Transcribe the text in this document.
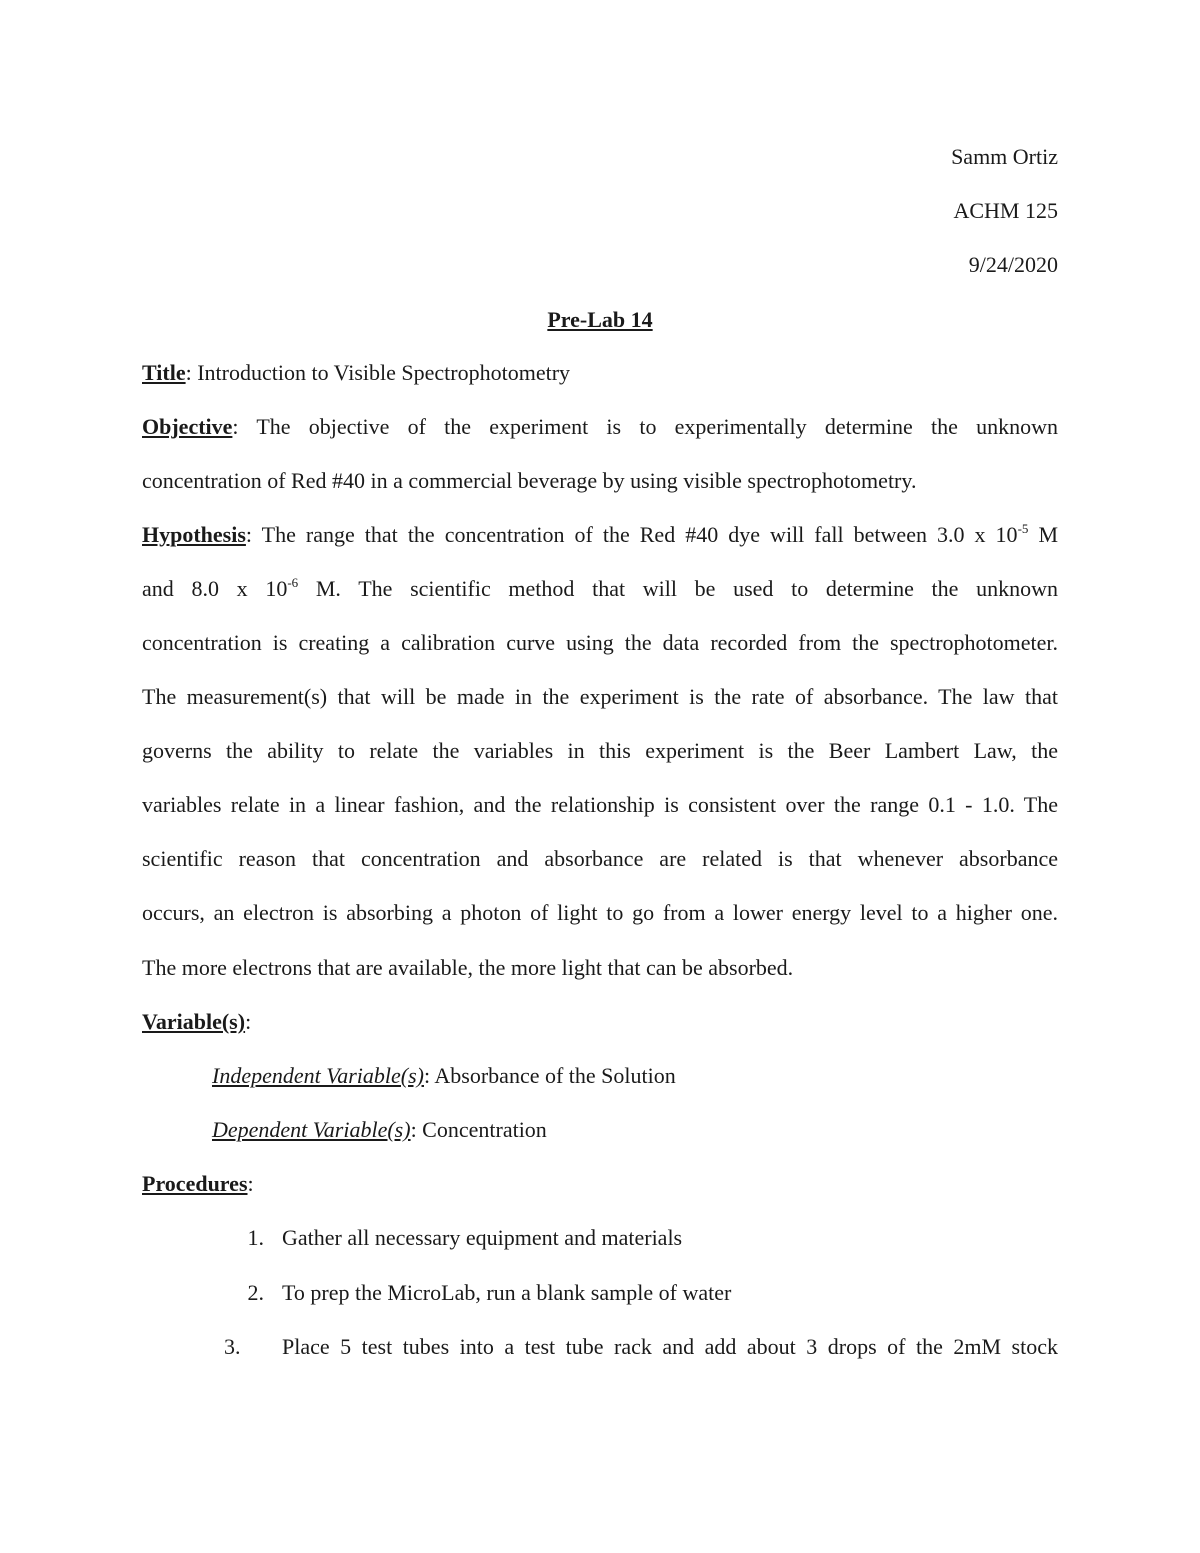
Samm Ortiz
ACHM 125
9/24/2020
Pre-Lab 14
Title: Introduction to Visible Spectrophotometry
Objective: The objective of the experiment is to experimentally determine the unknown
concentration of Red #40 in a commercial beverage by using visible spectrophotometry.
Hypothesis: The range that the concentration of the Red #40 dye will fall between 3.0 x $10^{-5}$ M
and 8.0 x $10^{-6}$ M. The scientific method that will be used to determine the unknown
concentration is creating a calibration curve using the data recorded from the spectrophotometer.
The measurement(s) that will be made in the experiment is the rate of absorbance. The law that
governs the ability to relate the variables in this experiment is the Beer Lambert Law, the
variables relate in a linear fashion, and the relationship is consistent over the range 0.1 - 1.0. The
scientific reason that concentration and absorbance are related is that whenever absorbance
occurs, an electron is absorbing a photon of light to go from a lower energy level to a higher one.
The more electrons that are available, the more light that can be absorbed.
Variable(s):
Independent Variable(s): Absorbance of the Solution
Dependent Variable(s): Concentration
Procedures:
1. Gather all necessary equipment and materials
2. To prep the MicroLab, run a blank sample of water
3. Place 5 test tubes into a test tube rack and add about 3 drops of the 2mM stock
